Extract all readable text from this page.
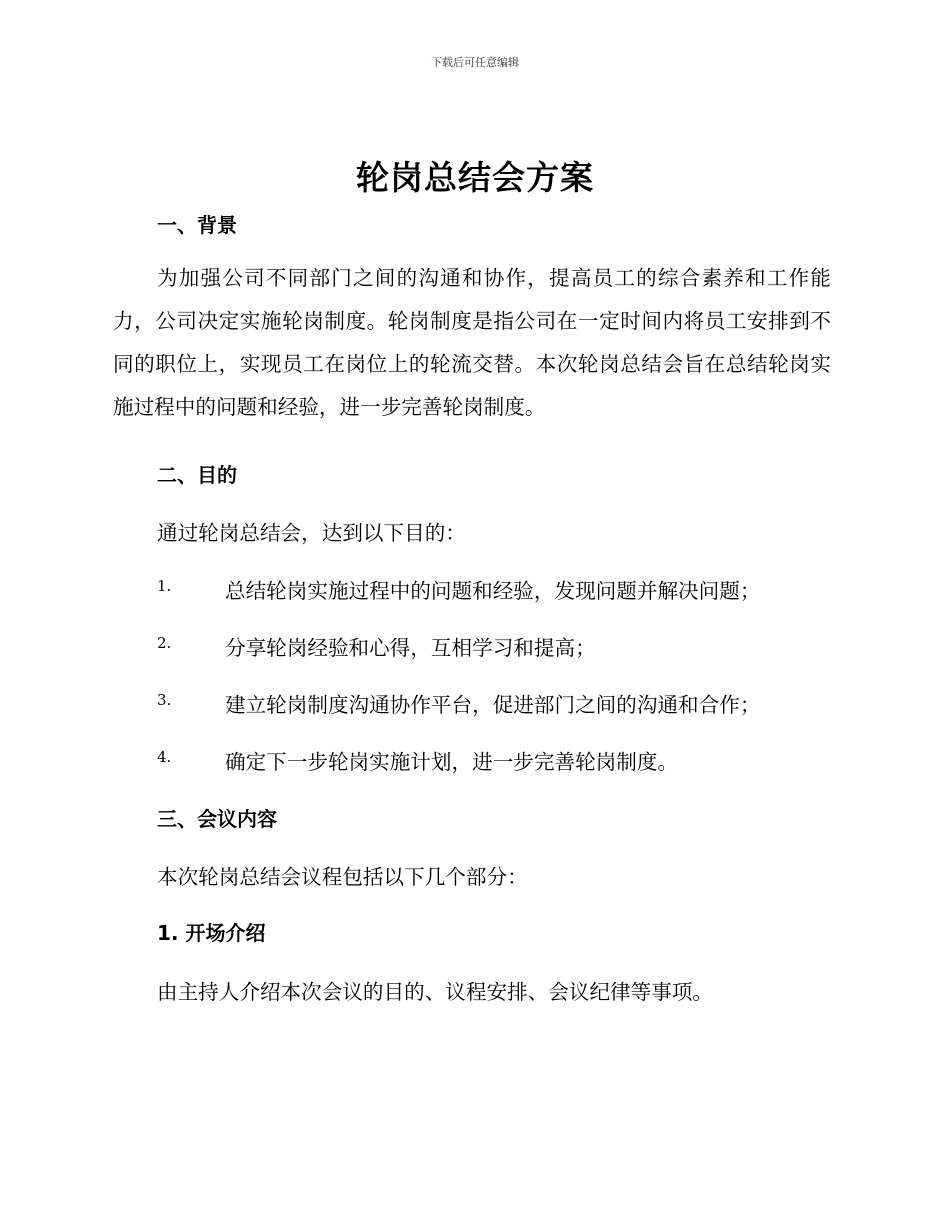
下载后可任意编辑
轮岗总结会方案
一、背景
为加强公司不同部门之间的沟通和协作，提高员工的综合素养和工作能力，公司决定实施轮岗制度。轮岗制度是指公司在一定时间内将员工安排到不同的职位上，实现员工在岗位上的轮流交替。本次轮岗总结会旨在总结轮岗实施过程中的问题和经验，进一步完善轮岗制度。
二、目的
通过轮岗总结会，达到以下目的：
1.	总结轮岗实施过程中的问题和经验，发现问题并解决问题；
2.	分享轮岗经验和心得，互相学习和提高；
3.	建立轮岗制度沟通协作平台，促进部门之间的沟通和合作；
4.	确定下一步轮岗实施计划，进一步完善轮岗制度。
三、会议内容
本次轮岗总结会议程包括以下几个部分：
1. 开场介绍
由主持人介绍本次会议的目的、议程安排、会议纪律等事项。
